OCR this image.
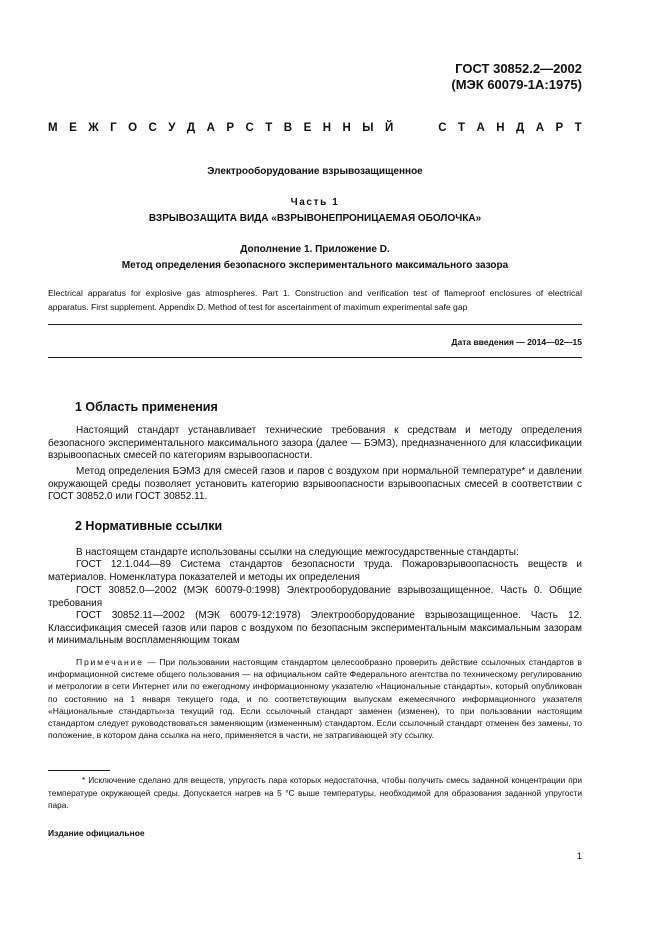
ГОСТ 30852.2—2002
(МЭК 60079-1А:1975)
М Е Ж Г О С У Д А Р С Т В Е Н Н Ы Й	С Т А Н Д А Р Т
Электрооборудование взрывозащищенное
Часть 1
ВЗРЫВОЗАЩИТА ВИДА «ВЗРЫВОНЕПРОНИЦАЕМАЯ ОБОЛОЧКА»
Дополнение 1. Приложение D.
Метод определения безопасного экспериментального максимального зазора
Electrical apparatus for explosive gas atmospheres. Part 1. Construction and verification test of flameproof enclosures of electrical apparatus. First supplement. Appendix D. Method of test for ascertainment of maximum experimental safe gap
Дата введения — 2014—02—15
1 Область применения

Настоящий стандарт устанавливает технические требования к средствам и методу определения безопасного экспериментального максимального зазора (далее — БЭМЗ), предназначенного для классификации взрывоопасных смесей по категориям взрывоопасности.

Метод определения БЭМЗ для смесей газов и паров с воздухом при нормальной температуре* и давлении окружающей среды позволяет установить категорию взрывоопасности взрывоопасных смесей в соответствии с ГОСТ 30852.0 или ГОСТ 30852.11.

2 Нормативные ссылки

В настоящем стандарте использованы ссылки на следующие межгосударственные стандарты:

ГОСТ 12.1.044—89 Система стандартов безопасности труда. Пожаровзрывоопасность веществ и материалов. Номенклатура показателей и методы их определения

ГОСТ 30852.0—2002 (МЭК 60079-0:1998) Электрооборудование взрывозащищенное. Часть 0. Общие требования

ГОСТ 30852.11—2002 (МЭК 60079-12:1978) Электрооборудование взрывозащищенное. Часть 12. Классификация смесей газов или паров с воздухом по безопасным экспериментальным максимальным зазорам и минимальным воспламеняющим токам

Примечание — При пользовании настоящим стандартом целесообразно проверить действие ссылочных стандартов в информационной системе общего пользования — на официальном сайте Федерального агентства по техническому регулированию и метрологии в сети Интернет или по ежегодному информационному указателю «Национальные стандарты», который опубликован по состоянию на 1 января текущего года, и по соответствующим выпускам ежемесячного информационного указателя «Национальные стандарты»за текущий год. Если ссылочный стандарт заменен (изменен), то при пользовании настоящим стандартом следует руководствоваться заменяющим (измененным) стандартом. Если ссылочный стандарт отменен без замены, то положение, в котором дана ссылка на него, применяется в части, не затрагивающей эту ссылку.

* Исключение сделано для веществ, упругость пара которых недостаточна, чтобы получить смесь заданной концентрации при температуре окружающей среды. Допускается нагрев на 5 °С выше температуры, необходимой для образования заданной упругости пара.

Издание официальное
1
